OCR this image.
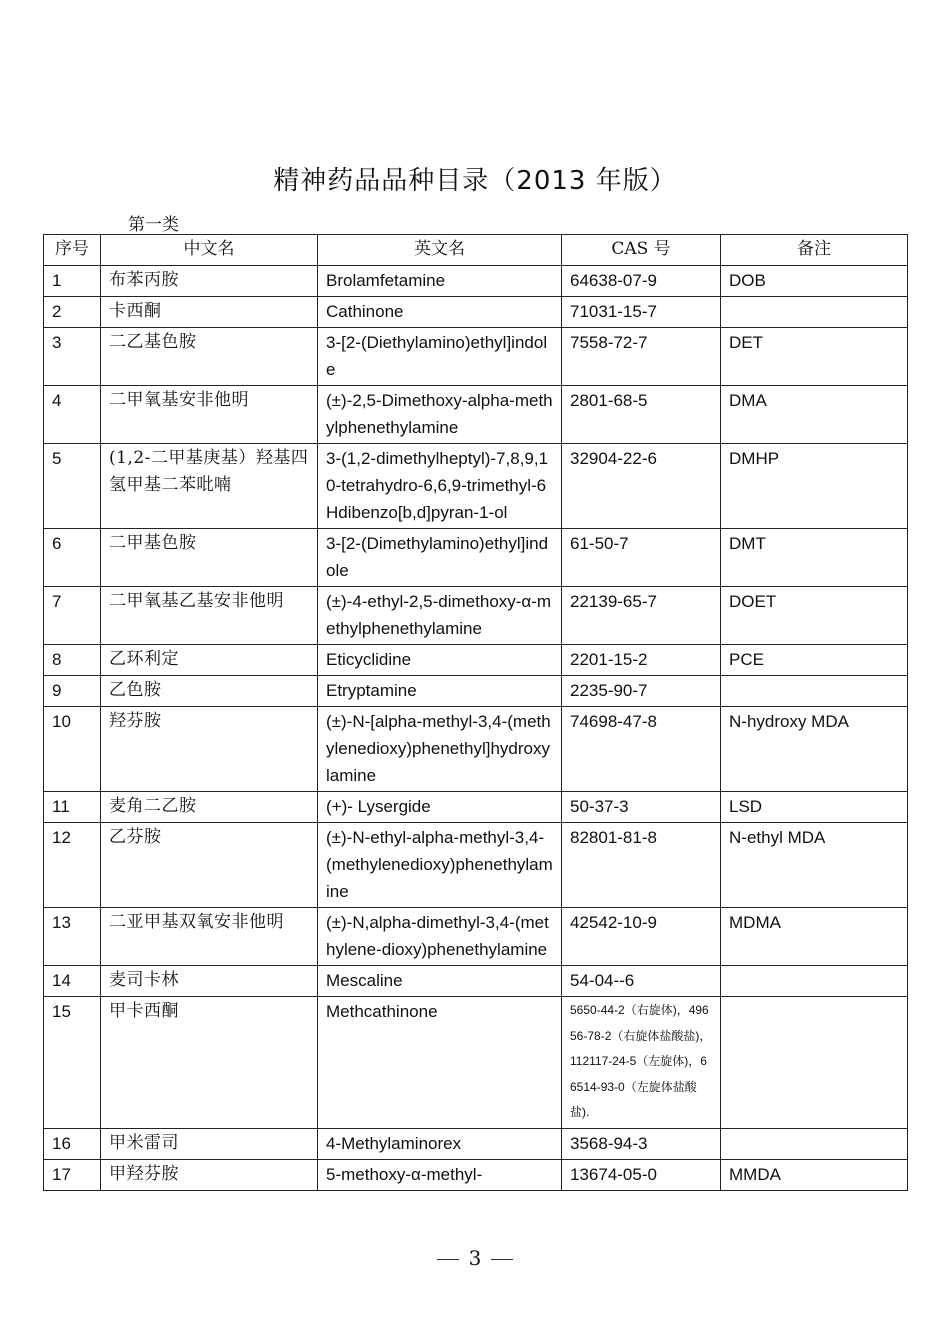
精神药品品种目录（2013 年版）
第一类
序号	中文名	英文名	CAS 号	备注
1	布苯丙胺	Brolamfetamine	64638-07-9	DOB
2	卡西酮	Cathinone	71031-15-7	
3	二乙基色胺	3-[2-(Diethylamino)ethyl]indole	7558-72-7	DET
4	二甲氧基安非他明	(±)-2,5-Dimethoxy-alpha-methylphenethylamine	2801-68-5	DMA
5	(1,2-二甲基庚基）羟基四氢甲基二苯吡喃	3-(1,2-dimethylheptyl)-7,8,9,10-tetrahydro-6,6,9-trimethyl-6Hdibenzo[b,d]pyran-1-ol	32904-22-6	DMHP
6	二甲基色胺	3-[2-(Dimethylamino)ethyl]indole	61-50-7	DMT
7	二甲氧基乙基安非他明	(±)-4-ethyl-2,5-dimethoxy-α-methylphenethylamine	22139-65-7	DOET
8	乙环利定	Eticyclidine	2201-15-2	PCE
9	乙色胺	Etryptamine	2235-90-7	
10	羟芬胺	(±)-N-[alpha-methyl-3,4-(methylenedioxy)phenethyl]hydroxylamine	74698-47-8	N-hydroxy MDA
11	麦角二乙胺	(+)- Lysergide	50-37-3	LSD
12	乙芬胺	(±)-N-ethyl-alpha-methyl-3,4-(methylenedioxy)phenethylamine	82801-81-8	N-ethyl MDA
13	二亚甲基双氧安非他明	(±)-N,alpha-dimethyl-3,4-(methylene-dioxy)phenethylamine	42542-10-9	MDMA
14	麦司卡林	Mescaline	54-04--6	
15	甲卡西酮	Methcathinone	5650-44-2（右旋体)，49656-78-2（右旋体盐酸盐)，112117-24-5（左旋体)，66514-93-0（左旋体盐酸盐).	
16	甲米雷司	4-Methylaminorex	3568-94-3	
17	甲羟芬胺	5-methoxy-α-methyl-	13674-05-0	MMDA
3
